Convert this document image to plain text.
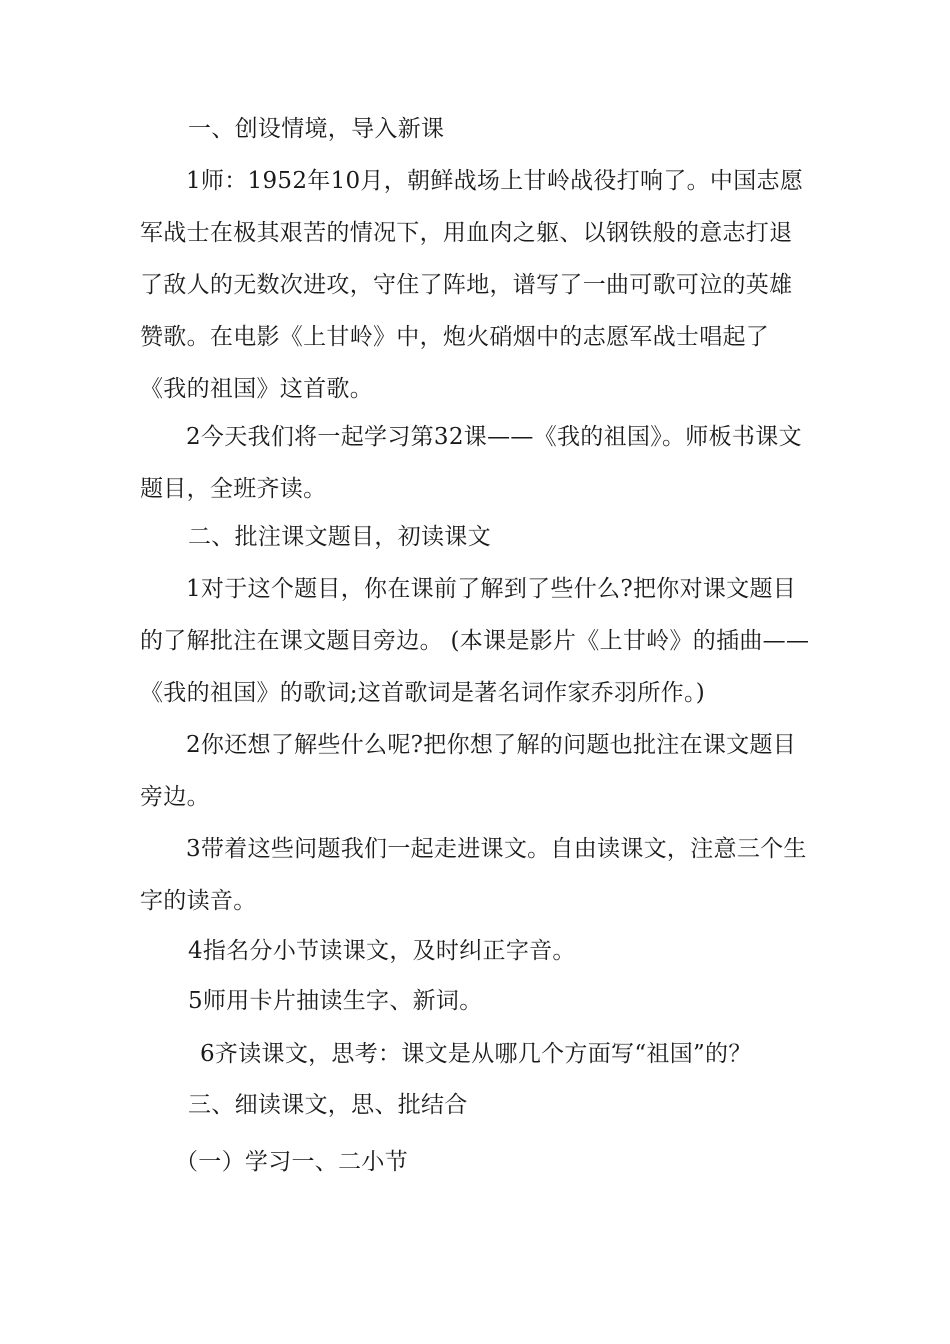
一、创设情境，导入新课

1师：1952年10月，朝鲜战场上甘岭战役打响了。中国志愿军战士在极其艰苦的情况下，用血肉之躯、以钢铁般的意志打退了敌人的无数次进攻，守住了阵地，谱写了一曲可歌可泣的英雄赞歌。在电影《上甘岭》中，炮火硝烟中的志愿军战士唱起了《我的祖国》这首歌。

2今天我们将一起学习第32课——《我的祖国》。师板书课文题目，全班齐读。

二、批注课文题目，初读课文

1对于这个题目，你在课前了解到了些什么?把你对课文题目的了解批注在课文题目旁边。 (本课是影片《上甘岭》的插曲——《我的祖国》的歌词;这首歌词是著名词作家乔羽所作。)

2你还想了解些什么呢?把你想了解的问题也批注在课文题目旁边。

3带着这些问题我们一起走进课文。自由读课文，注意三个生字的读音。

4指名分小节读课文，及时纠正字音。

5师用卡片抽读生字、新词。

6齐读课文，思考：课文是从哪几个方面写“祖国”的？

三、细读课文，思、批结合

（一）学习一、二小节
